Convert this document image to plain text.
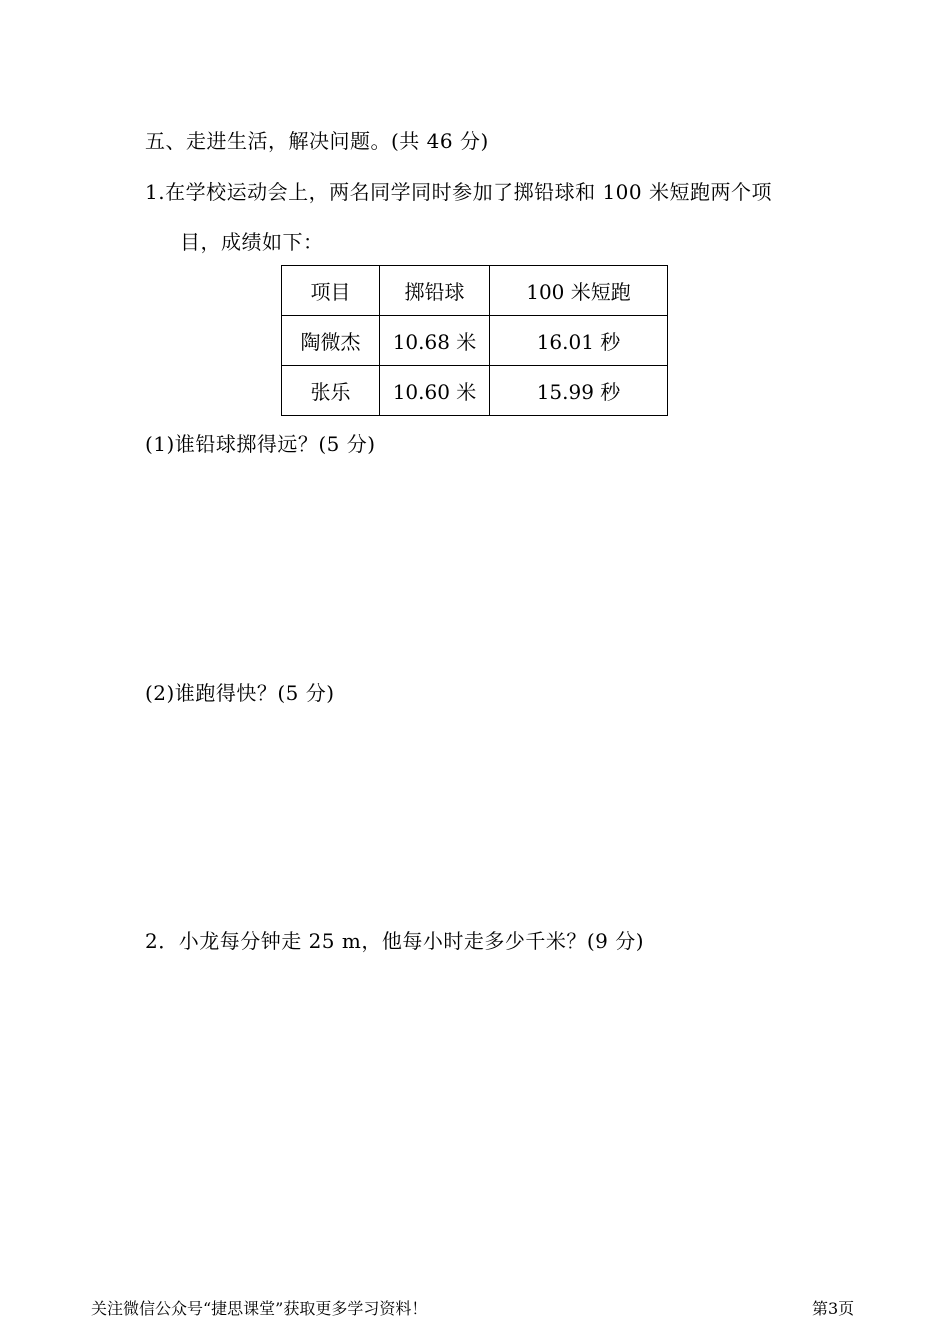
五、走进生活，解决问题。(共 46 分)
1.在学校运动会上，两名同学同时参加了掷铅球和 100 米短跑两个项
目，成绩如下：
项目	掷铅球	100 米短跑
陶微杰	10.68 米	16.01 秒
张乐	10.60 米	15.99 秒
(1)谁铅球掷得远？(5 分)
(2)谁跑得快？(5 分)
2．小龙每分钟走 25 m，他每小时走多少千米？(9 分)
关注微信公众号“捷思课堂”获取更多学习资料！	第3页
